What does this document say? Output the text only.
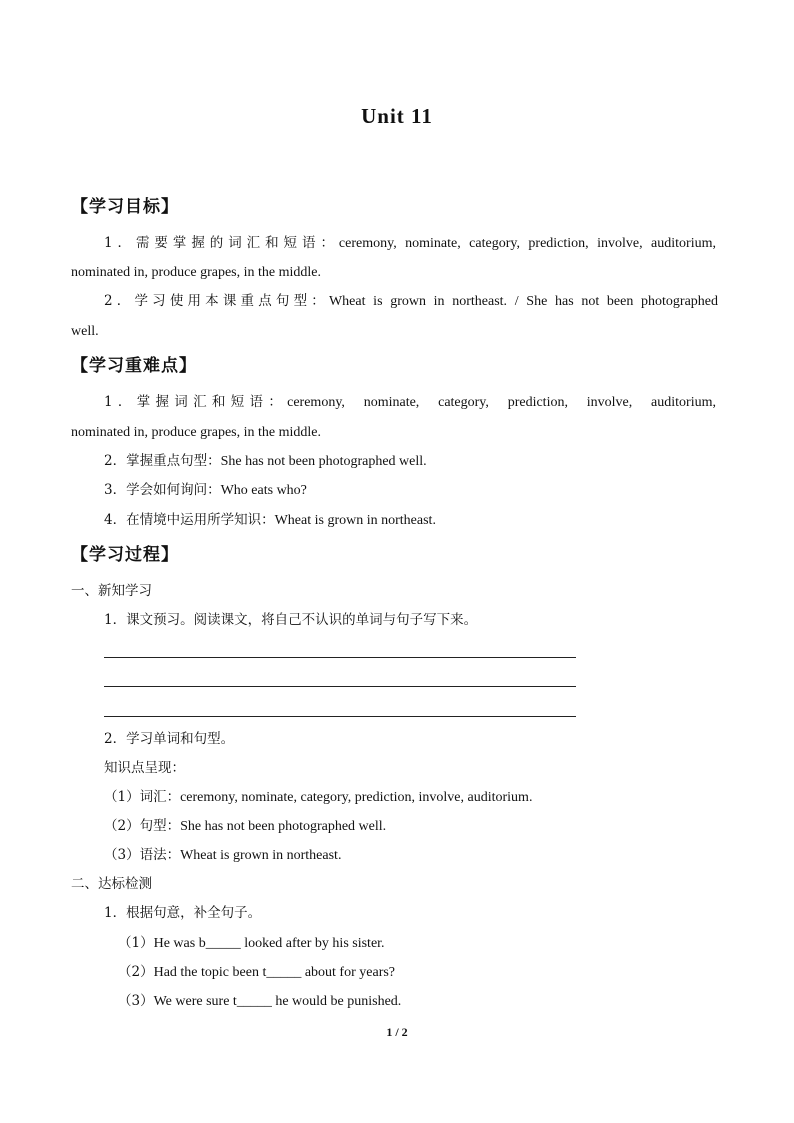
Unit 11
【学习目标】
1．需要掌握的词汇和短语：ceremony, nominate, category, prediction, involve, auditorium,
nominated in, produce grapes, in the middle.
2．学习使用本课重点句型：Wheat is grown in northeast. / She has not been photographed
well.
【学习重难点】
1．掌握词汇和短语：ceremony, nominate, category, prediction, involve, auditorium,
nominated in, produce grapes, in the middle.
2．掌握重点句型：She has not been photographed well.
3．学会如何询问：Who eats who?
4．在情境中运用所学知识：Wheat is grown in northeast.
【学习过程】
一、新知学习
1．课文预习。阅读课文，将自己不认识的单词与句子写下来。
2．学习单词和句型。
知识点呈现：
（1）词汇：ceremony, nominate, category, prediction, involve, auditorium.
（2）句型：She has not been photographed well.
（3）语法：Wheat is grown in northeast.
二、达标检测
1．根据句意，补全句子。
（1）He was b_____ looked after by his sister.
（2）Had the topic been t_____ about for years?
（3）We were sure t_____ he would be punished.
1 / 2
